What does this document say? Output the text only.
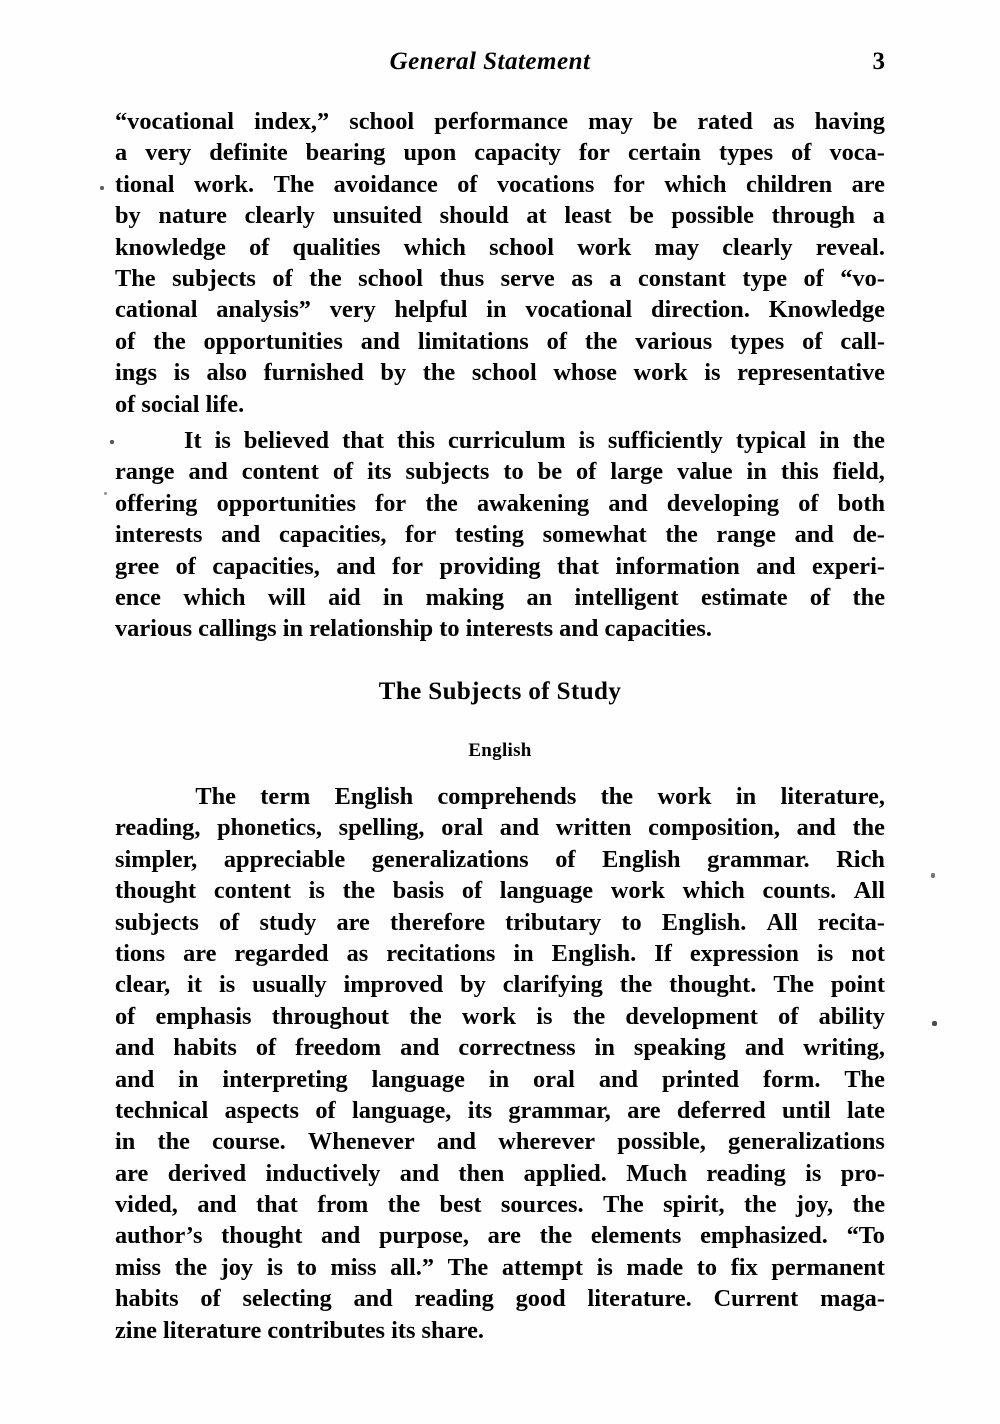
General Statement	3
“vocational index,” school performance may be rated as having
a very definite bearing upon capacity for certain types of voca-
tional work. The avoidance of vocations for which children are
by nature clearly unsuited should at least be possible through a
knowledge of qualities which school work may clearly reveal.
The subjects of the school thus serve as a constant type of “vo-
cational analysis” very helpful in vocational direction. Knowledge
of the opportunities and limitations of the various types of call-
ings is also furnished by the school whose work is representative
of social life.
It is believed that this curriculum is sufficiently typical in the
range and content of its subjects to be of large value in this field,
offering opportunities for the awakening and developing of both
interests and capacities, for testing somewhat the range and de-
gree of capacities, and for providing that information and experi-
ence which will aid in making an intelligent estimate of the
various callings in relationship to interests and capacities.
The Subjects of Study
English
The term English comprehends the work in literature,
reading, phonetics, spelling, oral and written composition, and the
simpler, appreciable generalizations of English grammar. Rich
thought content is the basis of language work which counts. All
subjects of study are therefore tributary to English. All recita-
tions are regarded as recitations in English. If expression is not
clear, it is usually improved by clarifying the thought. The point
of emphasis throughout the work is the development of ability
and habits of freedom and correctness in speaking and writing,
and in interpreting language in oral and printed form. The
technical aspects of language, its grammar, are deferred until late
in the course. Whenever and wherever possible, generalizations
are derived inductively and then applied. Much reading is pro-
vided, and that from the best sources. The spirit, the joy, the
author’s thought and purpose, are the elements emphasized. “To
miss the joy is to miss all.” The attempt is made to fix permanent
habits of selecting and reading good literature. Current maga-
zine literature contributes its share.
